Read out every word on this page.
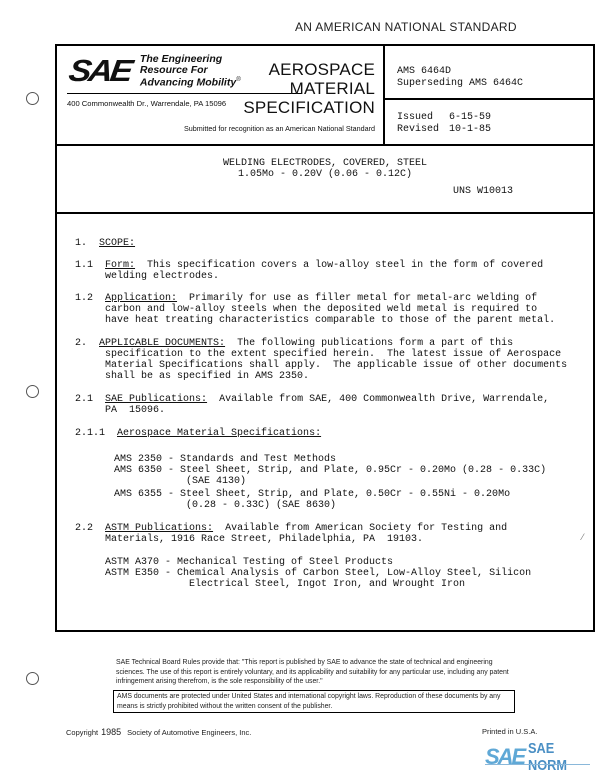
AN AMERICAN NATIONAL STANDARD
SAE The Engineering
Resource For
Advancing Mobility®
400 Commonwealth Dr., Warrendale, PA 15096
AEROSPACE
MATERIAL
SPECIFICATION
Submitted for recognition as an American National Standard
AMS 6464D
Superseding AMS 6464C
Issued	6-15-59
Revised 10-1-85
WELDING ELECTRODES, COVERED, STEEL
1.05Mo - 0.20V (0.06 - 0.12C)
UNS W10013
1. SCOPE:
1.1 Form:  This specification covers a low-alloy steel in the form of covered
welding electrodes.
1.2 Application:  Primarily for use as filler metal for metal-arc welding of
carbon and low-alloy steels when the deposited weld metal is required to
have heat treating characteristics comparable to those of the parent metal.
2. APPLICABLE DOCUMENTS:  The following publications form a part of this
specification to the extent specified herein.  The latest issue of Aerospace
Material Specifications shall apply.  The applicable issue of other documents
shall be as specified in AMS 2350.
2.1 SAE Publications:  Available from SAE, 400 Commonwealth Drive, Warrendale,
PA  15096.
2.1.1 Aerospace Material Specifications:
AMS 2350 - Standards and Test Methods
AMS 6350 - Steel Sheet, Strip, and Plate, 0.95Cr - 0.20Mo (0.28 - 0.33C)
(SAE 4130)
AMS 6355 - Steel Sheet, Strip, and Plate, 0.50Cr - 0.55Ni - 0.20Mo
(0.28 - 0.33C) (SAE 8630)
2.2 ASTM Publications:  Available from American Society for Testing and
Materials, 1916 Race Street, Philadelphia, PA  19103.
ASTM A370 - Mechanical Testing of Steel Products
ASTM E350 - Chemical Analysis of Carbon Steel, Low-Alloy Steel, Silicon
Electrical Steel, Ingot Iron, and Wrought Iron
⁄
SAE Technical Board Rules provide that: "This report is published by SAE to advance the state of technical and engineering sciences. The use of this report is entirely voluntary, and its applicability and suitability for any particular use, including any patent infringement arising therefrom, is the sole responsibility of the user."
AMS documents are protected under United States and international copyright laws. Reproduction of these documents by any means is strictly prohibited without the written consent of the publisher.
Copyright 1985 Society of Automotive Engineers, Inc.	Printed in U.S.A.
SAE SAE NORM
